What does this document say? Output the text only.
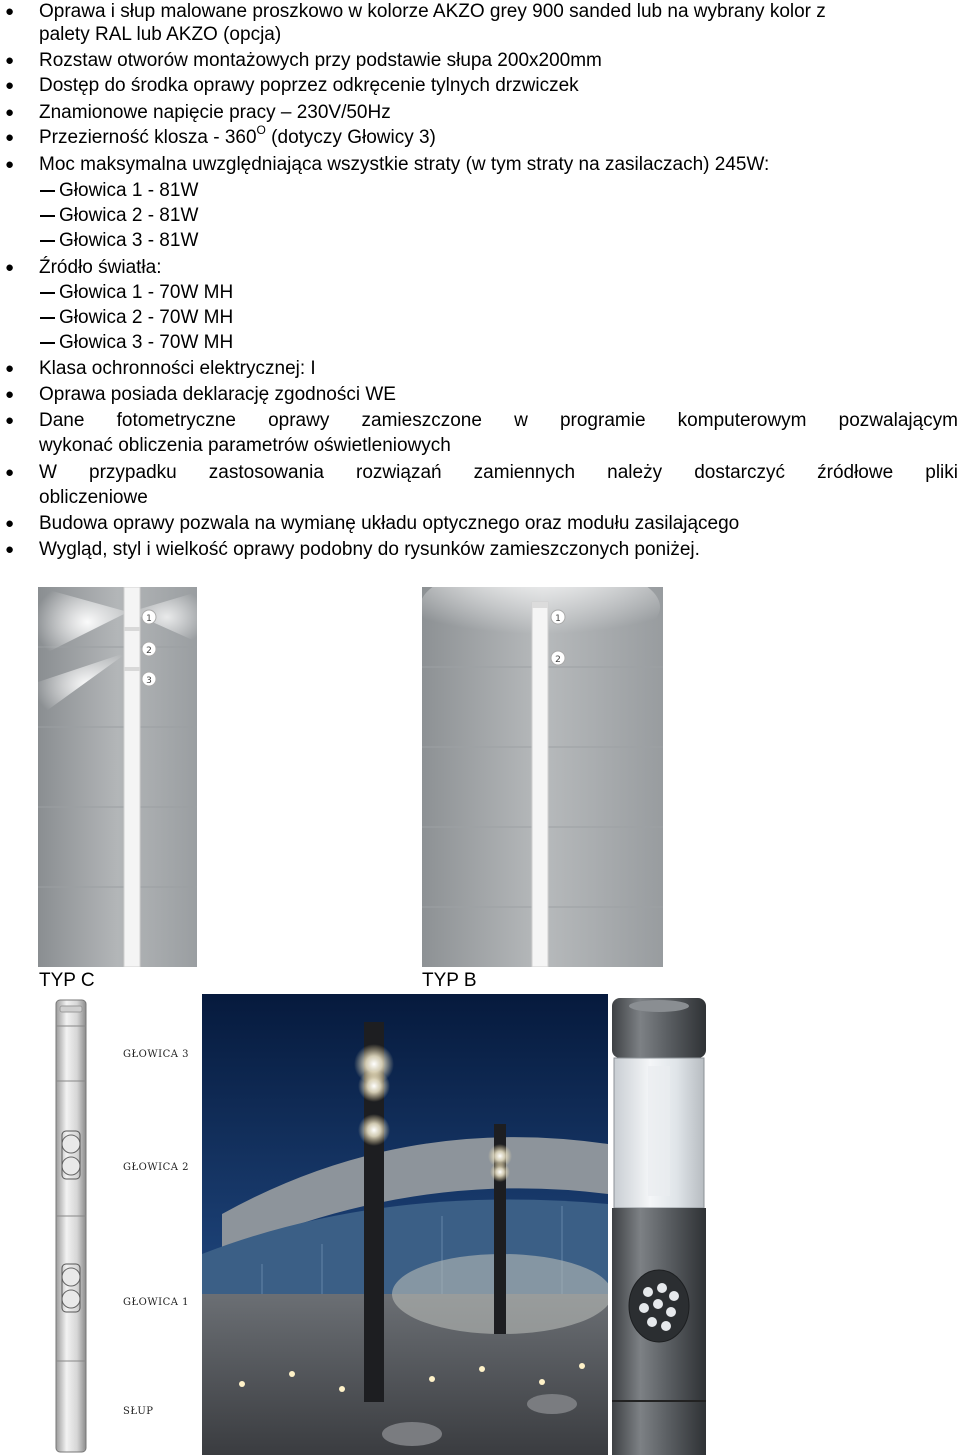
●	Oprawa i słup malowane proszkowo w kolorze AKZO grey 900 sanded lub na wybrany kolor z
palety RAL lub AKZO (opcja)
●	Rozstaw otworów montażowych przy podstawie słupa 200x200mm
●	Dostęp do środka oprawy poprzez odkręcenie tylnych drzwiczek
●	Znamionowe napięcie pracy – 230V/50Hz
●	Przezierność klosza - $360^O$ (dotyczy Głowicy 3)
●	Moc maksymalna uwzględniająca wszystkie straty (w tym straty na zasilaczach) 245W:
Głowica 1 - 81W
Głowica 2 - 81W
Głowica 3 - 81W
●	Źródło światła:
Głowica 1 - 70W MH
Głowica 2 - 70W MH
Głowica 3 - 70W MH
●	Klasa ochronności elektrycznej: I
●	Oprawa posiada deklarację zgodności WE
●	Dane fotometryczne oprawy zamieszczone w programie komputerowym pozwalającym
wykonać obliczenia parametrów oświetleniowych
●	W przypadku zastosowania rozwiązań zamiennych należy dostarczyć źródłowe pliki
obliczeniowe
●	Budowa oprawy pozwala na wymianę układu optycznego oraz modułu zasilającego
●	Wygląd, styl i wielkość oprawy podobny do rysunków zamieszczonych poniżej.
1
2
3
1
2
TYP C	TYP B
GŁOWICA 3
GŁOWICA 2
GŁOWICA 1
SŁUP
